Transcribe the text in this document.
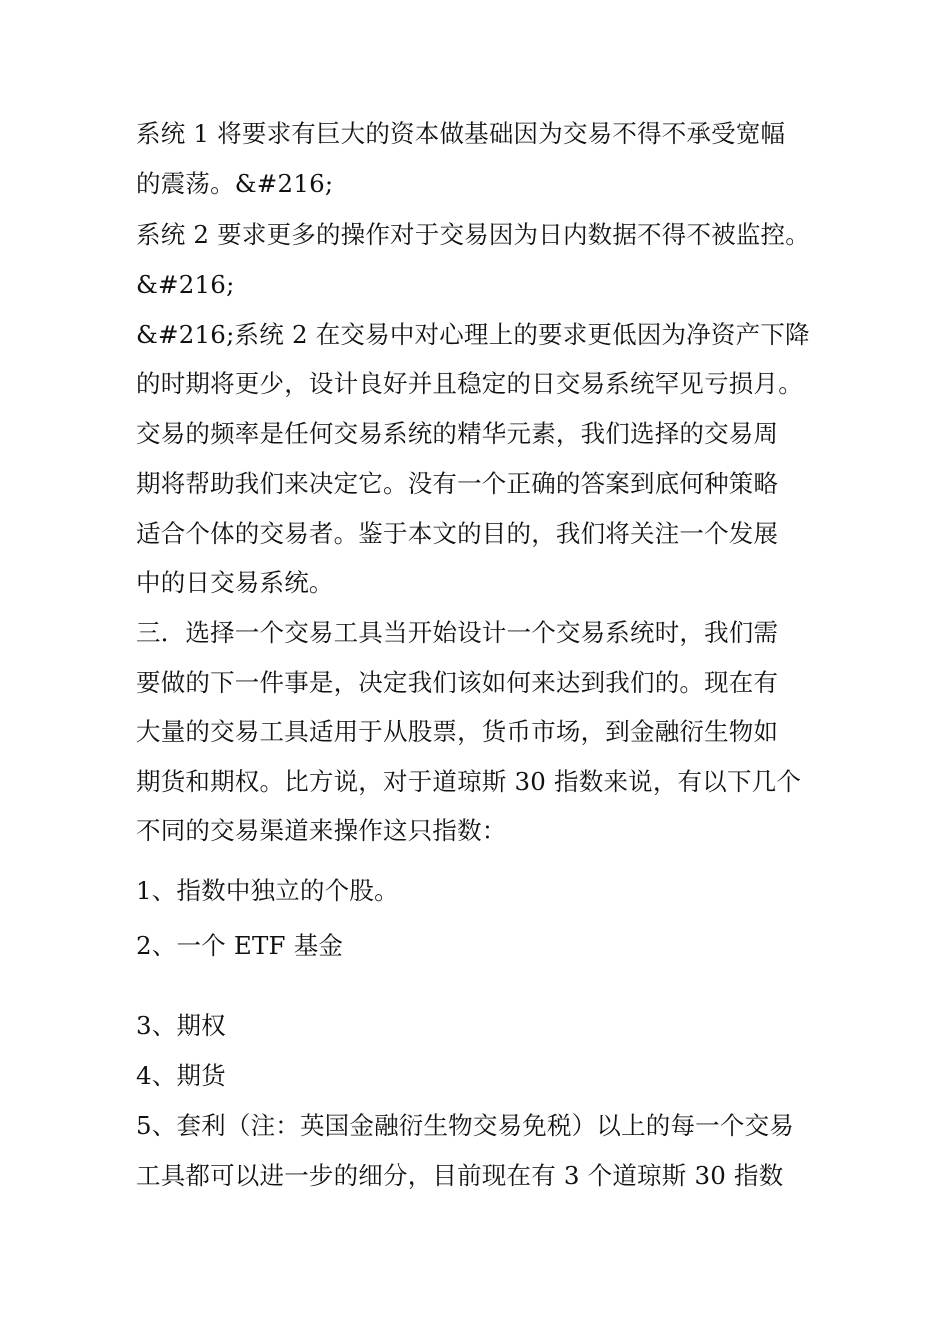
系统 1 将要求有巨大的资本做基础因为交易不得不承受宽幅
的震荡。&#216;
系统 2 要求更多的操作对于交易因为日内数据不得不被监控。
&#216;
&#216;系统 2 在交易中对心理上的要求更低因为净资产下降
的时期将更少，设计良好并且稳定的日交易系统罕见亏损月。
交易的频率是任何交易系统的精华元素，我们选择的交易周
期将帮助我们来决定它。没有一个正确的答案到底何种策略
适合个体的交易者。鉴于本文的目的，我们将关注一个发展
中的日交易系统。
三．选择一个交易工具当开始设计一个交易系统时，我们需
要做的下一件事是，决定我们该如何来达到我们的。现在有
大量的交易工具适用于从股票，货币市场，到金融衍生物如
期货和期权。比方说，对于道琼斯 30 指数来说，有以下几个
不同的交易渠道来操作这只指数：
1、指数中独立的个股。
2、一个 ETF 基金
3、期权
4、期货
5、套利（注：英国金融衍生物交易免税）以上的每一个交易
工具都可以进一步的细分，目前现在有 3 个道琼斯 30 指数
